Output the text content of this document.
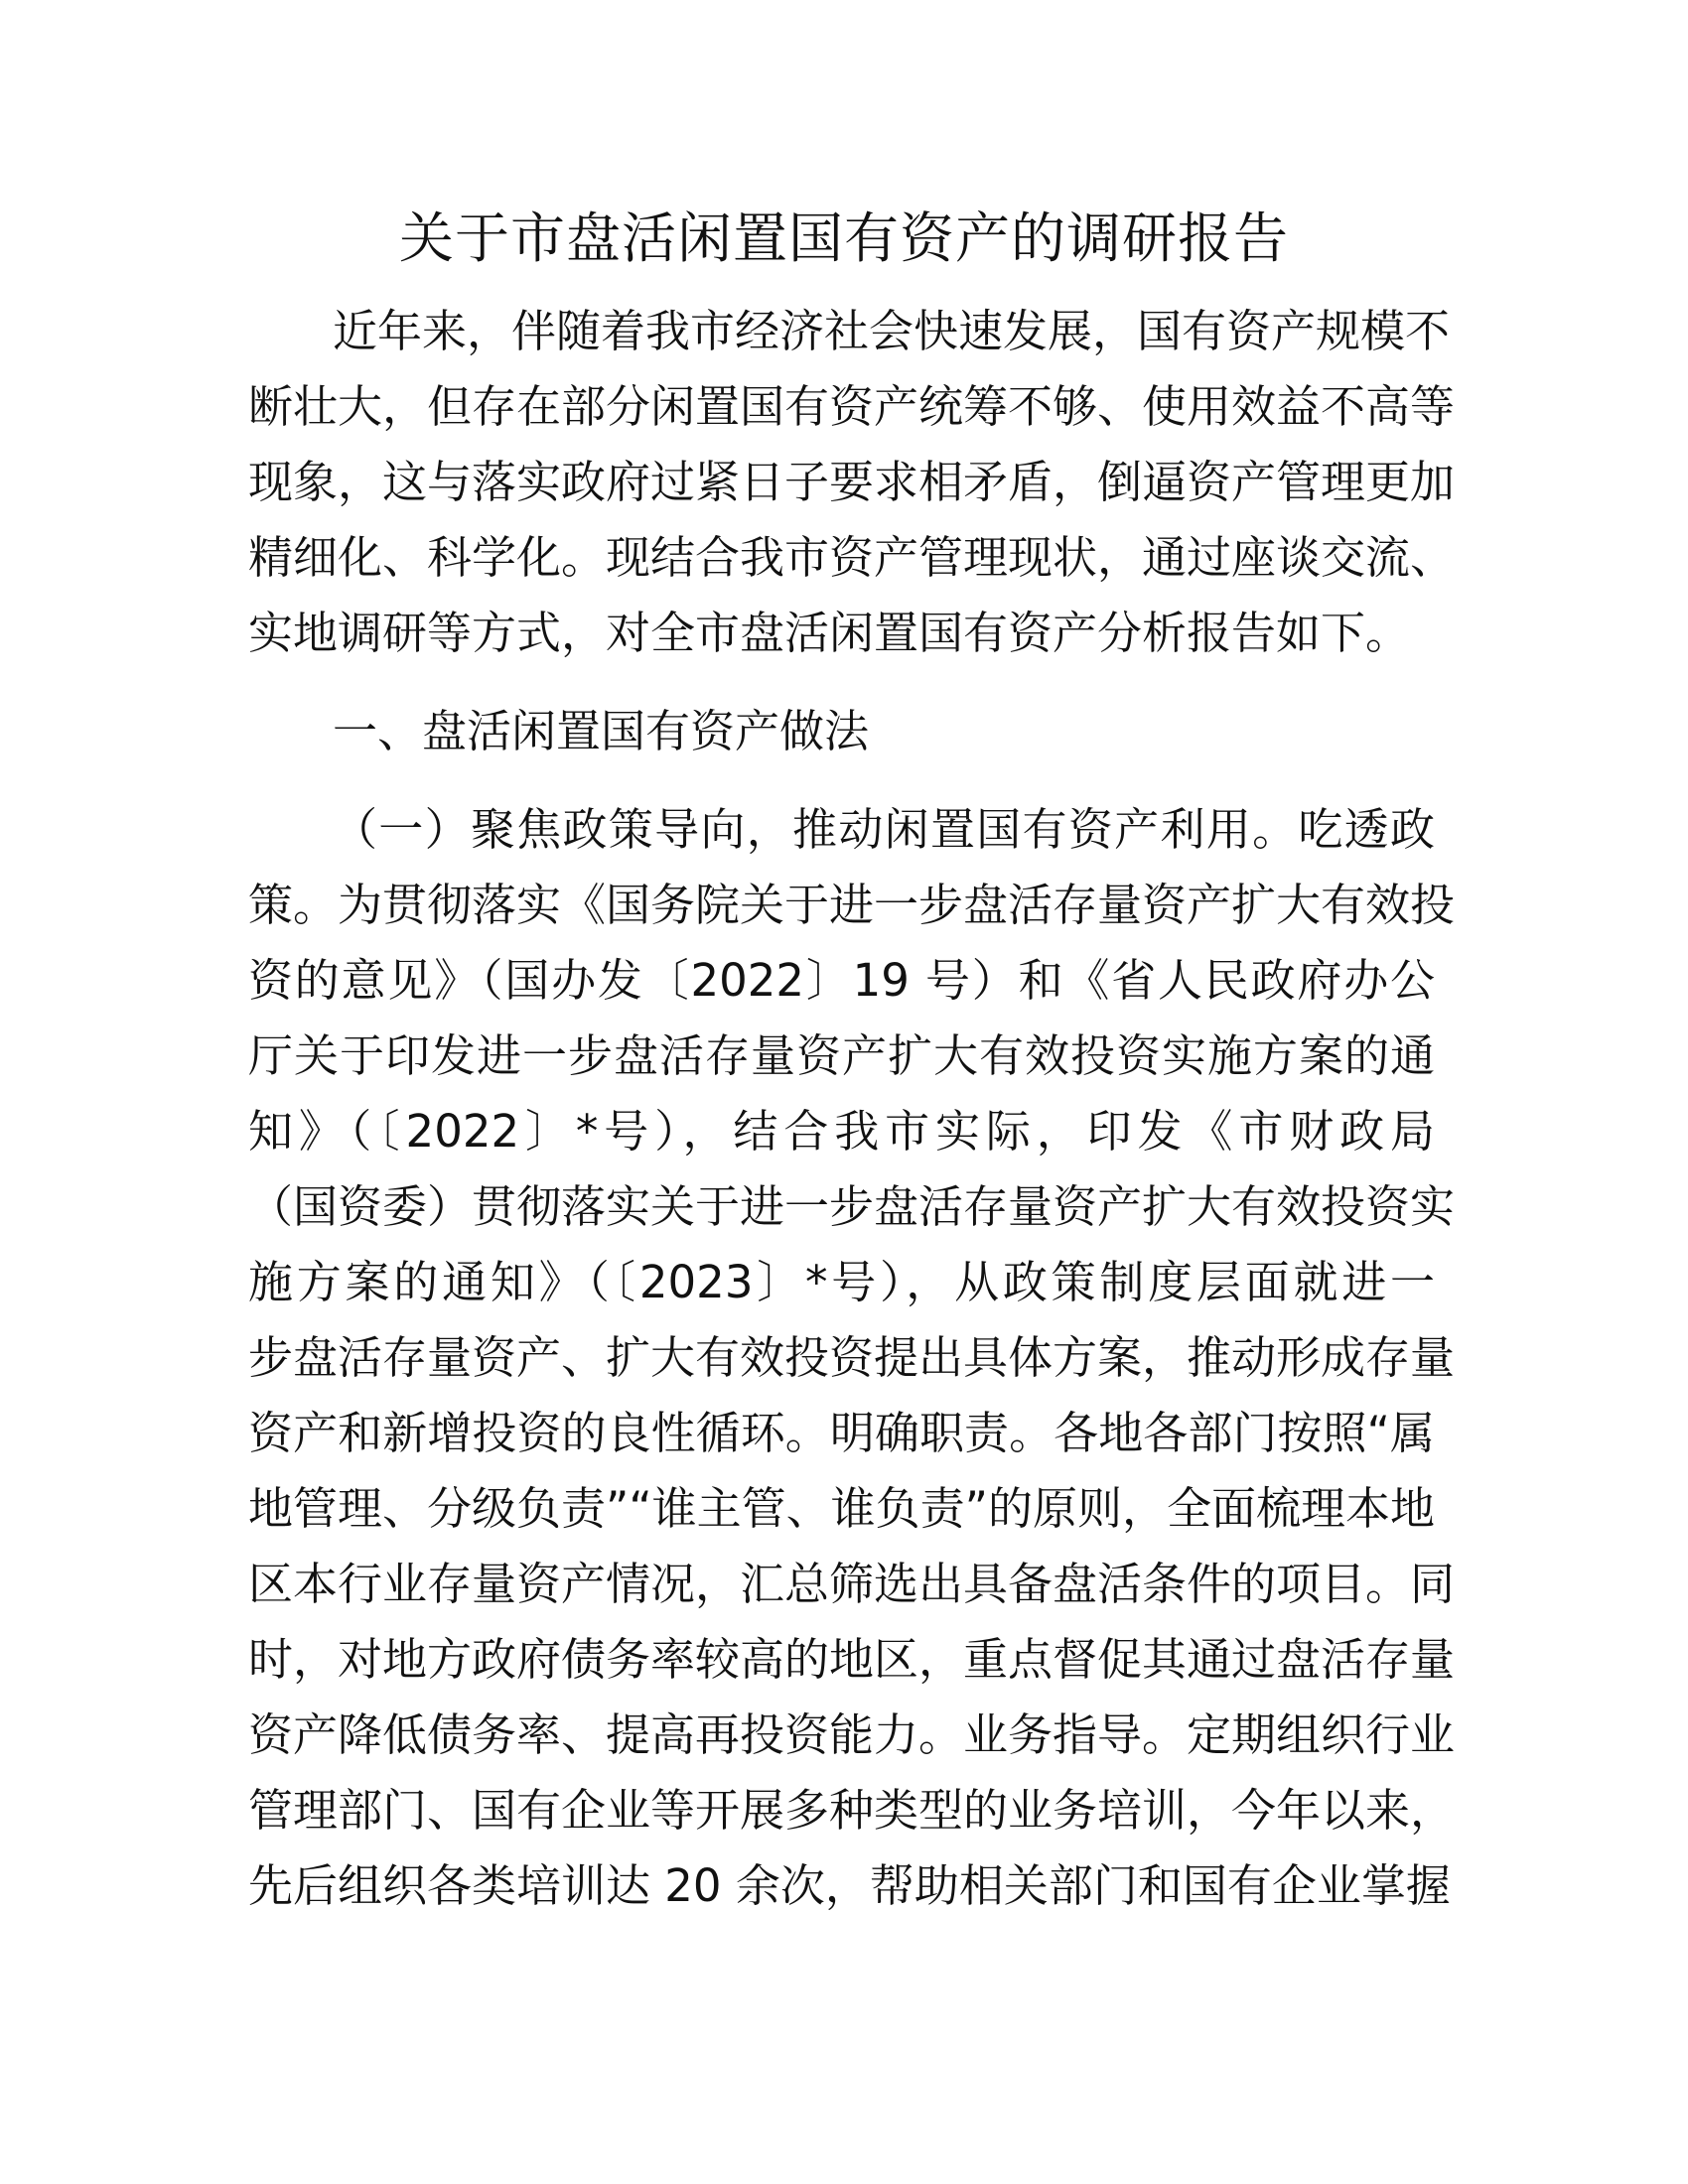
关于市盘活闲置国有资产的调研报告

近年来，伴随着我市经济社会快速发展，国有资产规模不

断壮大，但存在部分闲置国有资产统筹不够、使用效益不高等

现象，这与落实政府过紧日子要求相矛盾，倒逼资产管理更加

精细化、科学化。现结合我市资产管理现状，通过座谈交流、

实地调研等方式，对全市盘活闲置国有资产分析报告如下。

一、盘活闲置国有资产做法

（一）聚焦政策导向，推动闲置国有资产利用。吃透政

策。为贯彻落实《国务院关于进一步盘活存量资产扩大有效投

资的意见》（国办发〔2022〕19 号）和《省人民政府办公

厅关于印发进一步盘活存量资产扩大有效投资实施方案的通

知》（〔2022〕*号），结合我市实际，印发《市财政局

（国资委）贯彻落实关于进一步盘活存量资产扩大有效投资实

施方案的通知》（〔2023〕*号），从政策制度层面就进一

步盘活存量资产、扩大有效投资提出具体方案，推动形成存量

资产和新增投资的良性循环。明确职责。各地各部门按照“属

地管理、分级负责”“谁主管、谁负责”的原则，全面梳理本地

区本行业存量资产情况，汇总筛选出具备盘活条件的项目。同

时，对地方政府债务率较高的地区，重点督促其通过盘活存量

资产降低债务率、提高再投资能力。业务指导。定期组织行业

管理部门、国有企业等开展多种类型的业务培训，今年以来，

先后组织各类培训达 20 余次，帮助相关部门和国有企业掌握
